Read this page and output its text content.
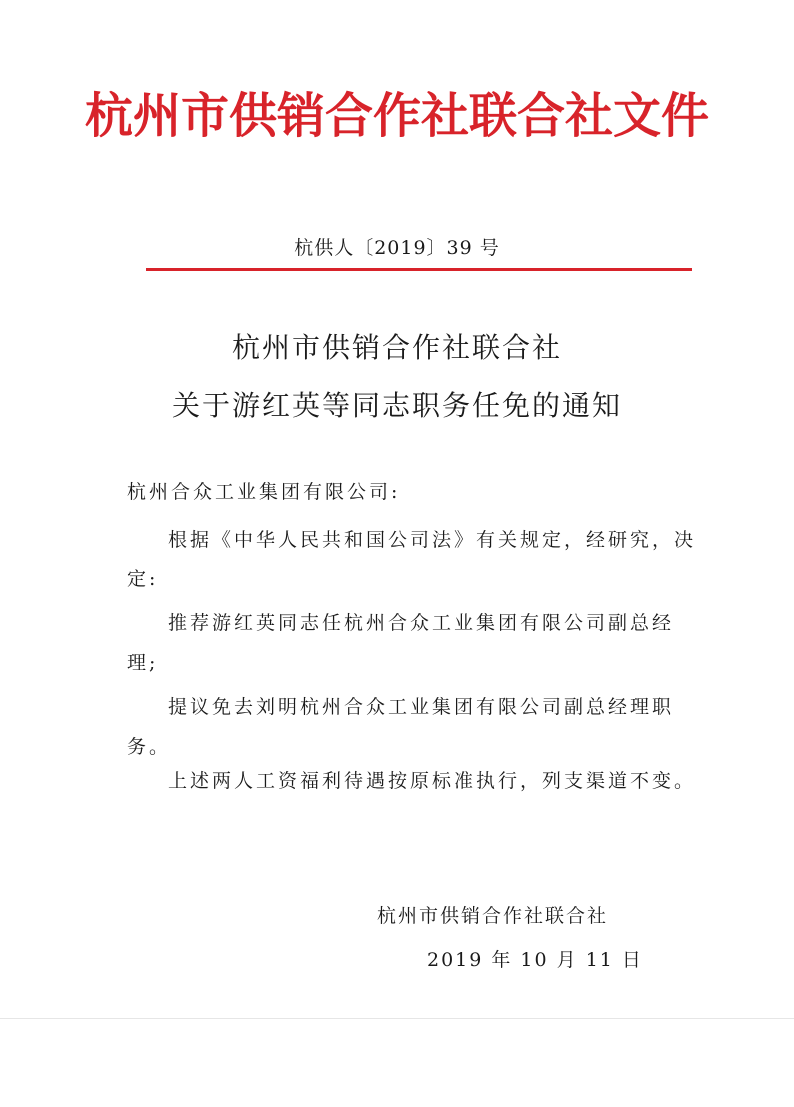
杭州市供销合作社联合社文件
杭供人〔2019〕39 号
杭州市供销合作社联合社
关于游红英等同志职务任免的通知
杭州合众工业集团有限公司:
根据《中华人民共和国公司法》有关规定，经研究，决
定:
推荐游红英同志任杭州合众工业集团有限公司副总经
理;
提议免去刘明杭州合众工业集团有限公司副总经理职
务。
上述两人工资福利待遇按原标准执行，列支渠道不变。
杭州市供销合作社联合社
2019 年 10 月 11 日
